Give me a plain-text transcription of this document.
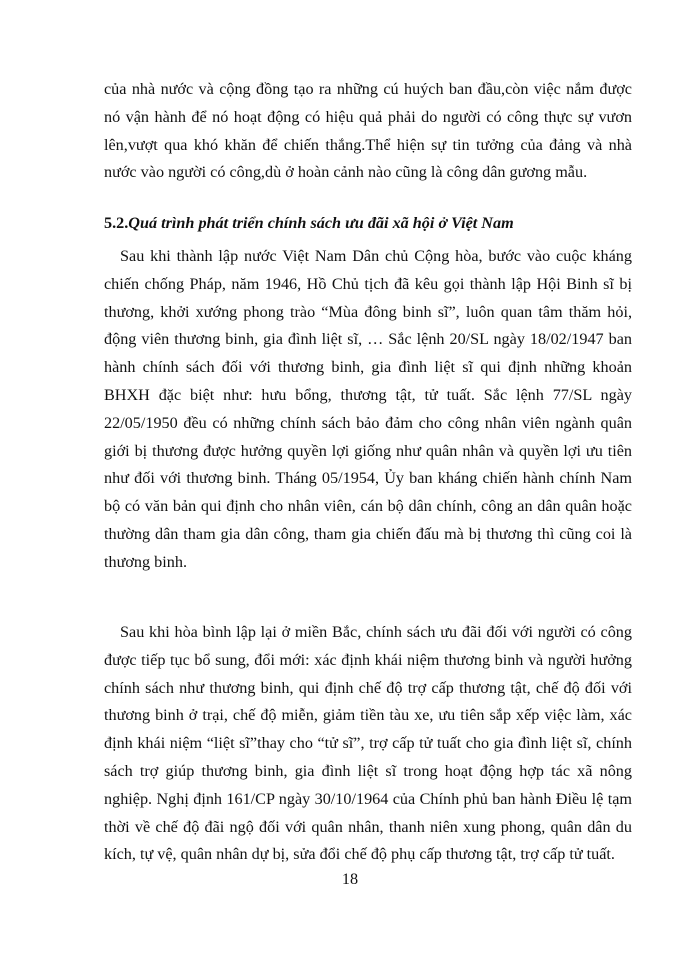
của nhà nước và cộng đồng tạo ra những cú huých ban đầu,còn việc nắm được nó vận hành để nó hoạt động có hiệu quả phải do người có công thực sự vươn lên,vượt qua khó khăn để chiến thắng.Thể hiện sự tin tưởng của đảng và nhà nước vào người có công,dù ở hoàn cảnh nào cũng là công dân gương mẫu.

5.2.Quá trình phát triển chính sách ưu đãi xã hội ở Việt Nam

Sau khi thành lập nước Việt Nam Dân chủ Cộng hòa, bước vào cuộc kháng chiến chống Pháp, năm 1946, Hồ Chủ tịch đã kêu gọi thành lập Hội Binh sĩ bị thương, khởi xướng phong trào “Mùa đông binh sĩ”, luôn quan tâm thăm hỏi, động viên thương binh, gia đình liệt sĩ, … Sắc lệnh 20/SL ngày 18/02/1947 ban hành chính sách đối với thương binh, gia đình liệt sĩ qui định những khoản BHXH đặc biệt như: hưu bổng, thương tật, tử tuất. Sắc lệnh 77/SL ngày 22/05/1950 đều có những chính sách bảo đảm cho công nhân viên ngành quân giới bị thương được hưởng quyền lợi giống như quân nhân và quyền lợi ưu tiên như đối với thương binh. Tháng 05/1954, Ủy ban kháng chiến hành chính Nam bộ có văn bản qui định cho nhân viên, cán bộ dân chính, công an dân quân hoặc thường dân tham gia dân công, tham gia chiến đấu mà bị thương thì cũng coi là thương binh.

Sau khi hòa bình lập lại ở miền Bắc, chính sách ưu đãi đối với người có công được tiếp tục bổ sung, đổi mới: xác định khái niệm thương binh và người hưởng chính sách như thương binh, qui định chế độ trợ cấp thương tật, chế độ đối với thương binh ở trại, chế độ miễn, giảm tiền tàu xe, ưu tiên sắp xếp việc làm, xác định khái niệm “liệt sĩ”thay cho “tử sĩ”, trợ cấp tử tuất cho gia đình liệt sĩ, chính sách trợ giúp thương binh, gia đình liệt sĩ trong hoạt động hợp tác xã nông nghiệp. Nghị định 161/CP ngày 30/10/1964 của Chính phủ ban hành Điều lệ tạm thời về chế độ đãi ngộ đối với quân nhân, thanh niên xung phong, quân dân du kích, tự vệ, quân nhân dự bị, sửa đổi chế độ phụ cấp thương tật, trợ cấp tử tuất.

18
